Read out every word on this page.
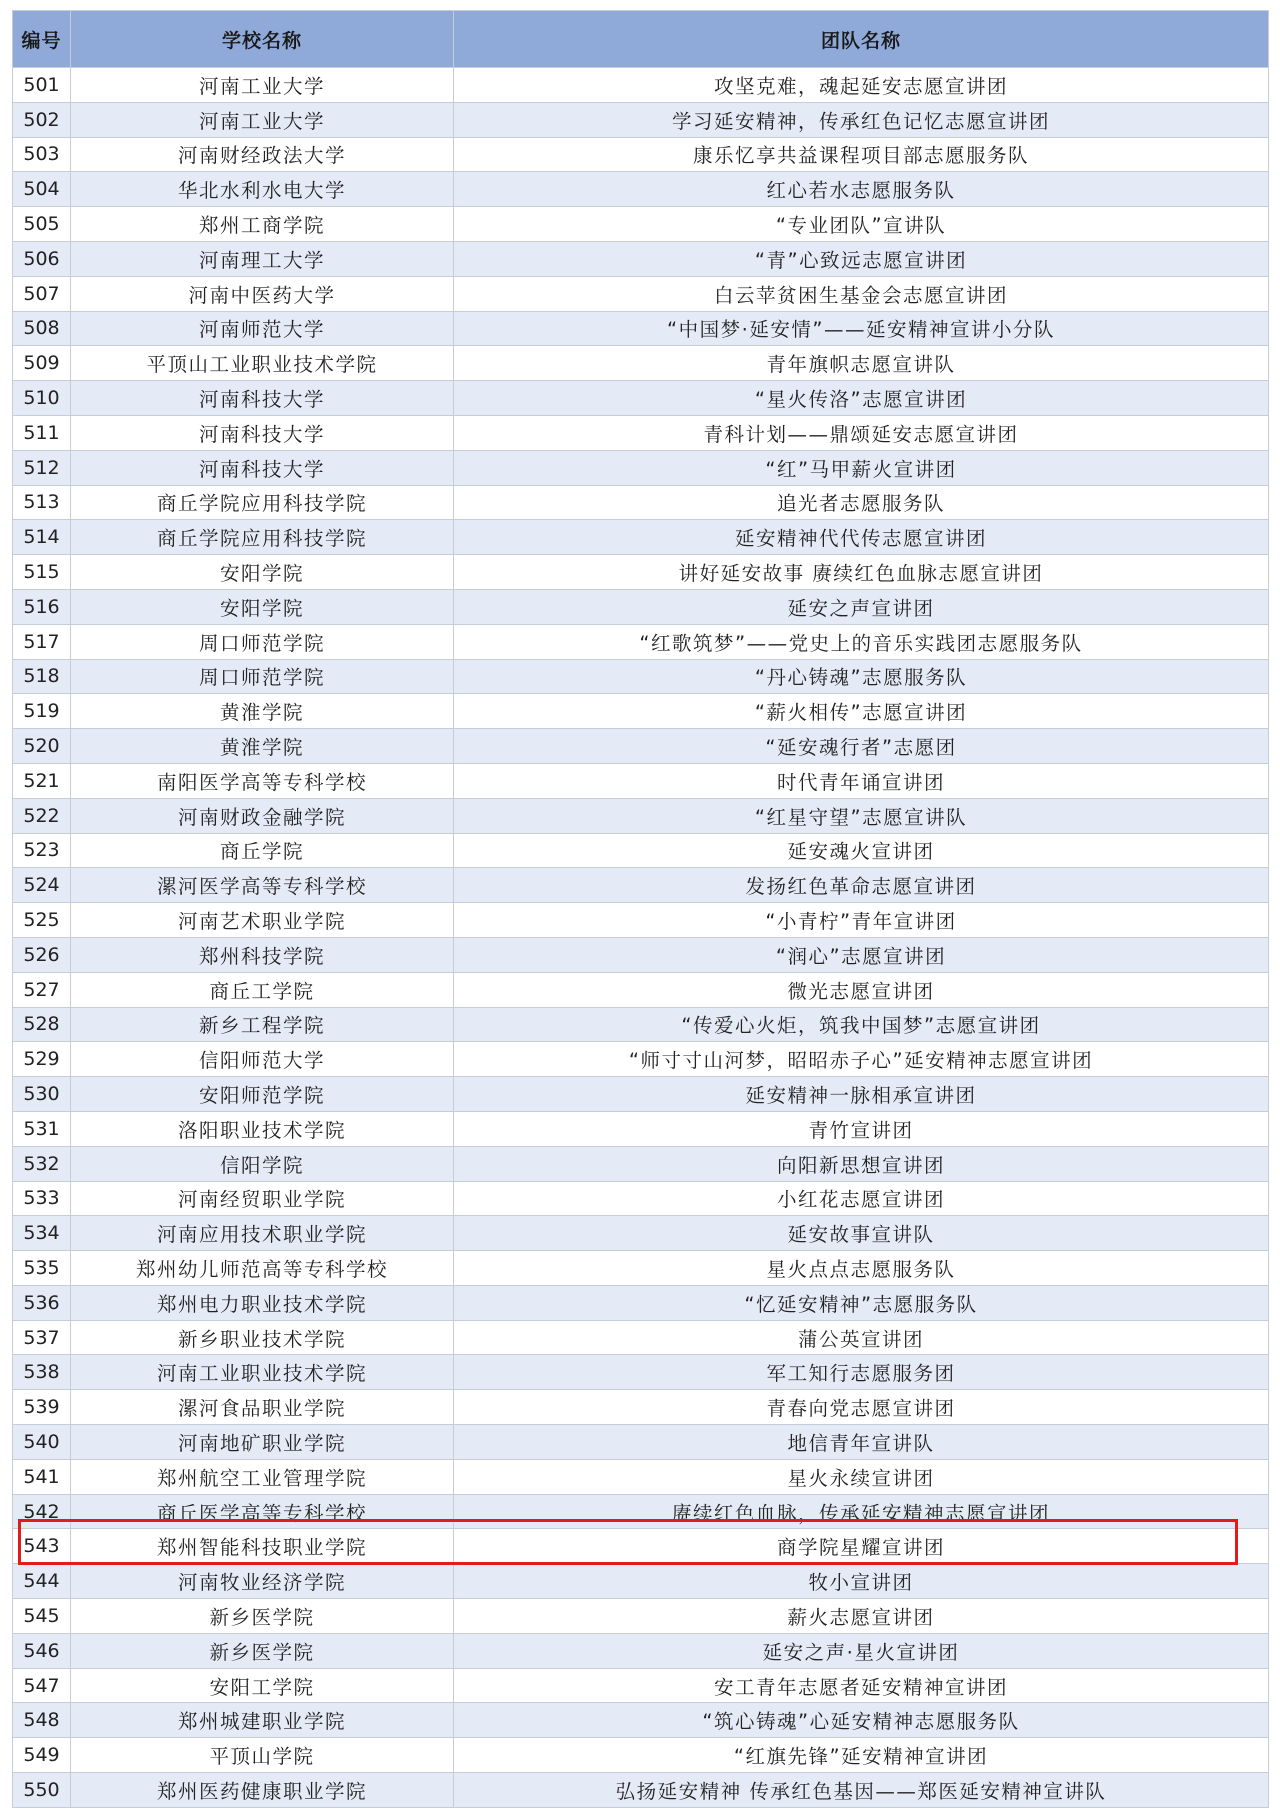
编号	学校名称	团队名称
501	河南工业大学	攻坚克难，魂起延安志愿宣讲团
502	河南工业大学	学习延安精神，传承红色记忆志愿宣讲团
503	河南财经政法大学	康乐忆享共益课程项目部志愿服务队
504	华北水利水电大学	红心若水志愿服务队
505	郑州工商学院	“专业团队”宣讲队
506	河南理工大学	“青”心致远志愿宣讲团
507	河南中医药大学	白云苹贫困生基金会志愿宣讲团
508	河南师范大学	“中国梦·延安情”——延安精神宣讲小分队
509	平顶山工业职业技术学院	青年旗帜志愿宣讲队
510	河南科技大学	“星火传洛”志愿宣讲团
511	河南科技大学	青科计划——鼎颂延安志愿宣讲团
512	河南科技大学	“红”马甲薪火宣讲团
513	商丘学院应用科技学院	追光者志愿服务队
514	商丘学院应用科技学院	延安精神代代传志愿宣讲团
515	安阳学院	讲好延安故事 赓续红色血脉志愿宣讲团
516	安阳学院	延安之声宣讲团
517	周口师范学院	“红歌筑梦”——党史上的音乐实践团志愿服务队
518	周口师范学院	“丹心铸魂”志愿服务队
519	黄淮学院	“薪火相传”志愿宣讲团
520	黄淮学院	“延安魂行者”志愿团
521	南阳医学高等专科学校	时代青年诵宣讲团
522	河南财政金融学院	“红星守望”志愿宣讲队
523	商丘学院	延安魂火宣讲团
524	漯河医学高等专科学校	发扬红色革命志愿宣讲团
525	河南艺术职业学院	“小青柠”青年宣讲团
526	郑州科技学院	“润心”志愿宣讲团
527	商丘工学院	微光志愿宣讲团
528	新乡工程学院	“传爱心火炬，筑我中国梦”志愿宣讲团
529	信阳师范大学	“师寸寸山河梦，昭昭赤子心”延安精神志愿宣讲团
530	安阳师范学院	延安精神一脉相承宣讲团
531	洛阳职业技术学院	青竹宣讲团
532	信阳学院	向阳新思想宣讲团
533	河南经贸职业学院	小红花志愿宣讲团
534	河南应用技术职业学院	延安故事宣讲队
535	郑州幼儿师范高等专科学校	星火点点志愿服务队
536	郑州电力职业技术学院	“忆延安精神”志愿服务队
537	新乡职业技术学院	蒲公英宣讲团
538	河南工业职业技术学院	军工知行志愿服务团
539	漯河食品职业学院	青春向党志愿宣讲团
540	河南地矿职业学院	地信青年宣讲队
541	郑州航空工业管理学院	星火永续宣讲团
542	商丘医学高等专科学校	赓续红色血脉，传承延安精神志愿宣讲团
543	郑州智能科技职业学院	商学院星耀宣讲团
544	河南牧业经济学院	牧小宣讲团
545	新乡医学院	薪火志愿宣讲团
546	新乡医学院	延安之声·星火宣讲团
547	安阳工学院	安工青年志愿者延安精神宣讲团
548	郑州城建职业学院	“筑心铸魂”心延安精神志愿服务队
549	平顶山学院	“红旗先锋”延安精神宣讲团
550	郑州医药健康职业学院	弘扬延安精神 传承红色基因——郑医延安精神宣讲队
